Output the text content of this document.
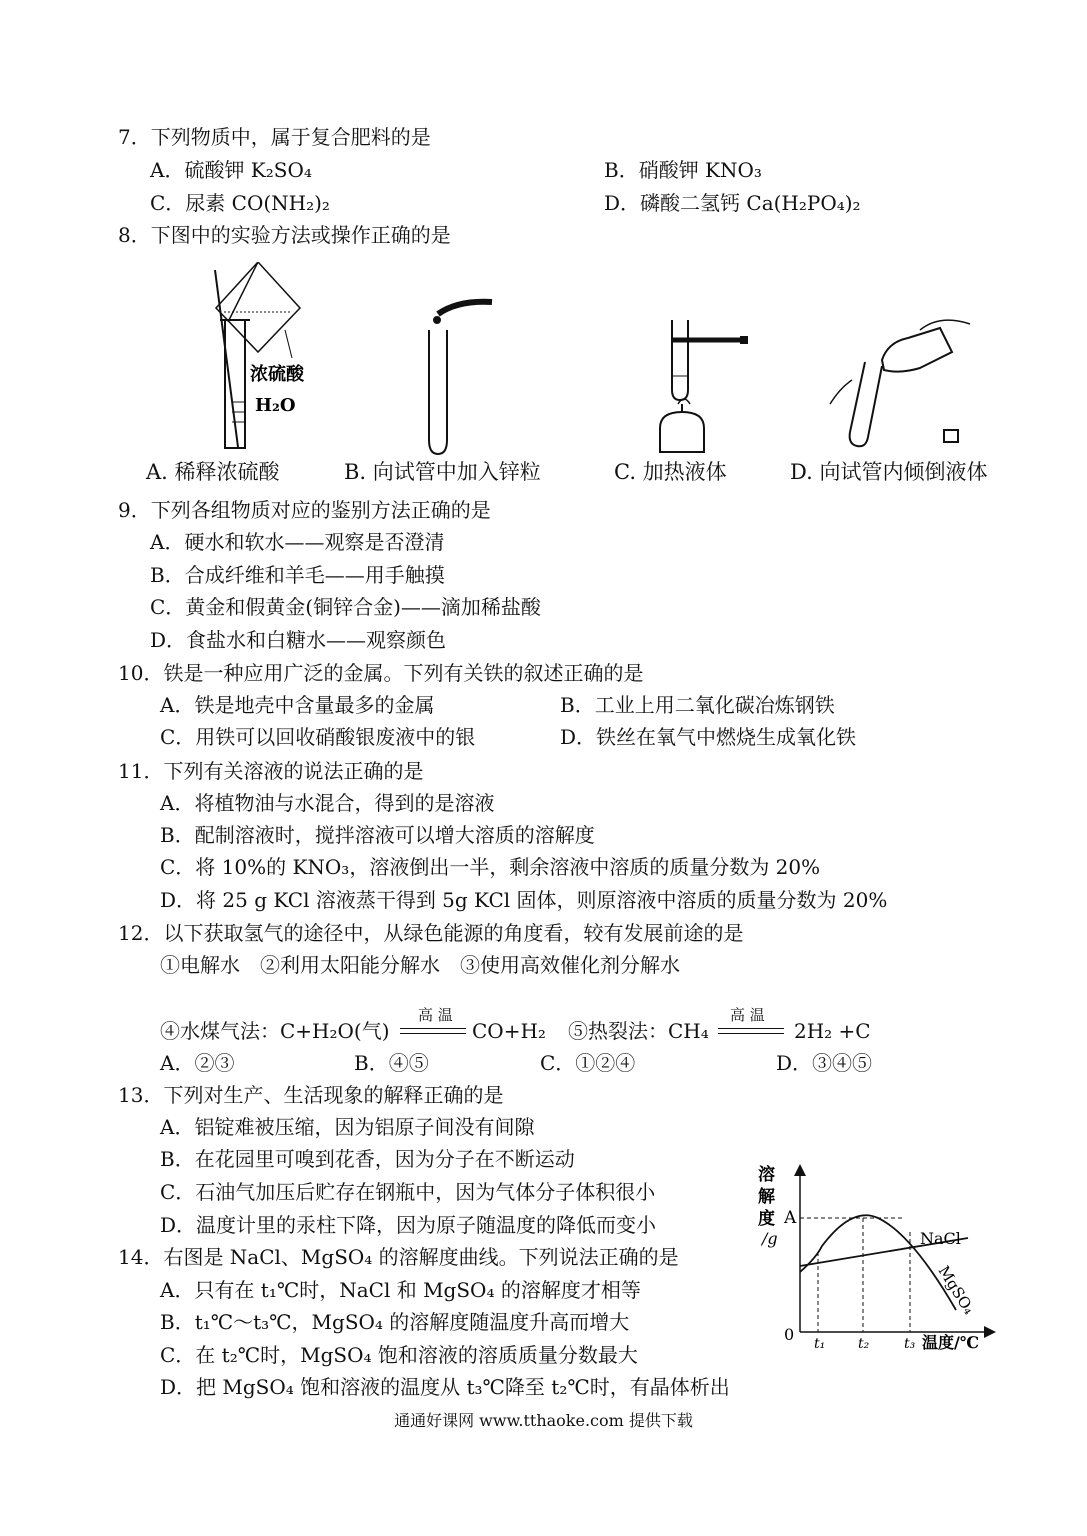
7．下列物质中，属于复合肥料的是
A．硫酸钾 K₂SO₄	B．硝酸钾 KNO₃
C．尿素 CO(NH₂)₂	D．磷酸二氢钙 Ca(H₂PO₄)₂
8．下图中的实验方法或操作正确的是
浓硫酸
H₂O
A. 稀释浓硫酸	B. 向试管中加入锌粒	C. 加热液体	D. 向试管内倾倒液体
9．下列各组物质对应的鉴别方法正确的是
A．硬水和软水——观察是否澄清
B．合成纤维和羊毛——用手触摸
C．黄金和假黄金(铜锌合金)——滴加稀盐酸
D．食盐水和白糖水——观察颜色
10．铁是一种应用广泛的金属。下列有关铁的叙述正确的是
A．铁是地壳中含量最多的金属	B．工业上用二氧化碳冶炼钢铁
C．用铁可以回收硝酸银废液中的银	D．铁丝在氧气中燃烧生成氧化铁
11．下列有关溶液的说法正确的是
A．将植物油与水混合，得到的是溶液
B．配制溶液时，搅拌溶液可以增大溶质的溶解度
C．将 10%的 KNO₃，溶液倒出一半，剩余溶液中溶质的质量分数为 20%
D．将 25 g KCl 溶液蒸干得到 5g KCl 固体，则原溶液中溶质的质量分数为 20%
12．以下获取氢气的途径中，从绿色能源的角度看，较有发展前途的是
①电解水　②利用太阳能分解水　③使用高效催化剂分解水
④水煤气法：C+H₂O(气)
高 温
CO+H₂ ⑤热裂法：CH₄
高 温
2H₂ +C
A．②③	B．④⑤	C．①②④	D．③④⑤
13．下列对生产、生活现象的解释正确的是
A．铝锭难被压缩，因为铝原子间没有间隙
B．在花园里可嗅到花香，因为分子在不断运动
C．石油气加压后贮存在钢瓶中，因为气体分子体积很小
D．温度计里的汞柱下降，因为原子随温度的降低而变小
14．右图是 NaCl、MgSO₄ 的溶解度曲线。下列说法正确的是
A．只有在 t₁℃时，NaCl 和 MgSO₄ 的溶解度才相等
B．t₁℃～t₃℃，MgSO₄ 的溶解度随温度升高而增大
C．在 t₂℃时，MgSO₄ 饱和溶液的溶质质量分数最大
D．把 MgSO₄ 饱和溶液的温度从 t₃℃降至 t₂℃时，有晶体析出
溶
解
度
/g
A
0
NaCl
MgSO₄
t₁ t₂ t₃ 温度/℃
通通好课网 www.tthaoke.com 提供下载
